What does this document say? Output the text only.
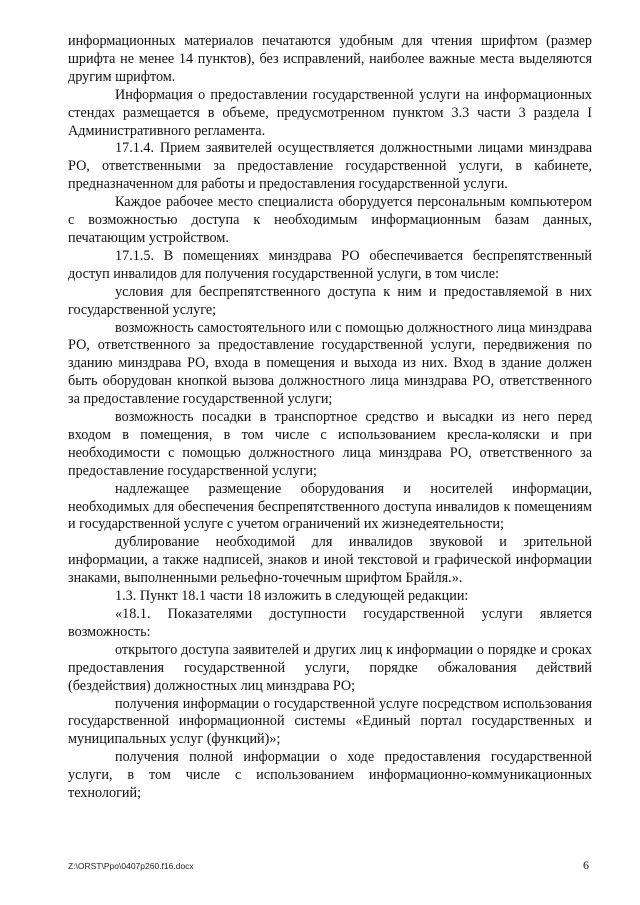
информационных материалов печатаются удобным для чтения шрифтом (размер шрифта не менее 14 пунктов), без исправлений, наиболее важные места выделяются другим шрифтом.

Информация о предоставлении государственной услуги на информационных стендах размещается в объеме, предусмотренном пунктом 3.3 части 3 раздела I Административного регламента.

17.1.4. Прием заявителей осуществляется должностными лицами минздрава РО, ответственными за предоставление государственной услуги, в кабинете, предназначенном для работы и предоставления государственной услуги.

Каждое рабочее место специалиста оборудуется персональным компьютером с возможностью доступа к необходимым информационным базам данных, печатающим устройством.

17.1.5. В помещениях минздрава РО обеспечивается беспрепятственный доступ инвалидов для получения государственной услуги, в том числе:

условия для беспрепятственного доступа к ним и предоставляемой в них государственной услуге;

возможность самостоятельного или с помощью должностного лица минздрава РО, ответственного за предоставление государственной услуги, передвижения по зданию минздрава РО, входа в помещения и выхода из них. Вход в здание должен быть оборудован кнопкой вызова должностного лица минздрава РО, ответственного за предоставление государственной услуги;

возможность посадки в транспортное средство и высадки из него перед входом в помещения, в том числе с использованием кресла-коляски и при необходимости с помощью должностного лица минздрава РО, ответственного за предоставление государственной услуги;

надлежащее размещение оборудования и носителей информации, необходимых для обеспечения беспрепятственного доступа инвалидов к помещениям и государственной услуге с учетом ограничений их жизнедеятельности;

дублирование необходимой для инвалидов звуковой и зрительной информации, а также надписей, знаков и иной текстовой и графической информации знаками, выполненными рельефно-точечным шрифтом Брайля.».

1.3. Пункт 18.1 части 18 изложить в следующей редакции:

«18.1. Показателями доступности государственной услуги является возможность:

открытого доступа заявителей и других лиц к информации о порядке и сроках предоставления государственной услуги, порядке обжалования действий (бездействия) должностных лиц минздрава РО;

получения информации о государственной услуге посредством использования государственной информационной системы «Единый портал государственных и муниципальных услуг (функций)»;

получения полной информации о ходе предоставления государственной услуги, в том числе с использованием информационно-коммуникационных технологий;

Z:\ORST\Ppo\0407p260.f16.docx	6
